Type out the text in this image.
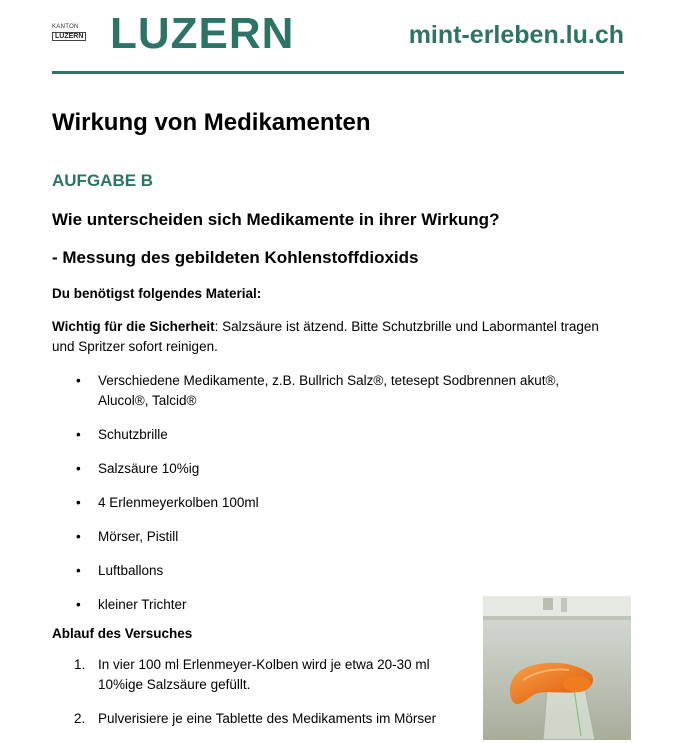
KANTON
LUZERN LUZERN	mint-erleben.lu.ch
Wirkung von Medikamenten
AUFGABE B
Wie unterscheiden sich Medikamente in ihrer Wirkung?
- Messung des gebildeten Kohlenstoffdioxids
Du benötigst folgendes Material:
Wichtig für die Sicherheit: Salzsäure ist ätzend. Bitte Schutzbrille und Labormantel tragen und Spritzer sofort reinigen.
• Verschiedene Medikamente, z.B. Bullrich Salz®, tetesept Sodbrennen akut®, Alucol®, Talcid®
• Schutzbrille
• Salzsäure 10%ig
• 4 Erlenmeyerkolben 100ml
• Mörser, Pistill
• Luftballons
• kleiner Trichter
Ablauf des Versuches
1. In vier 100 ml Erlenmeyer-Kolben wird je etwa 20-30 ml 10%ige Salzsäure gefüllt.
2. Pulverisiere je eine Tablette des Medikaments im Mörser
